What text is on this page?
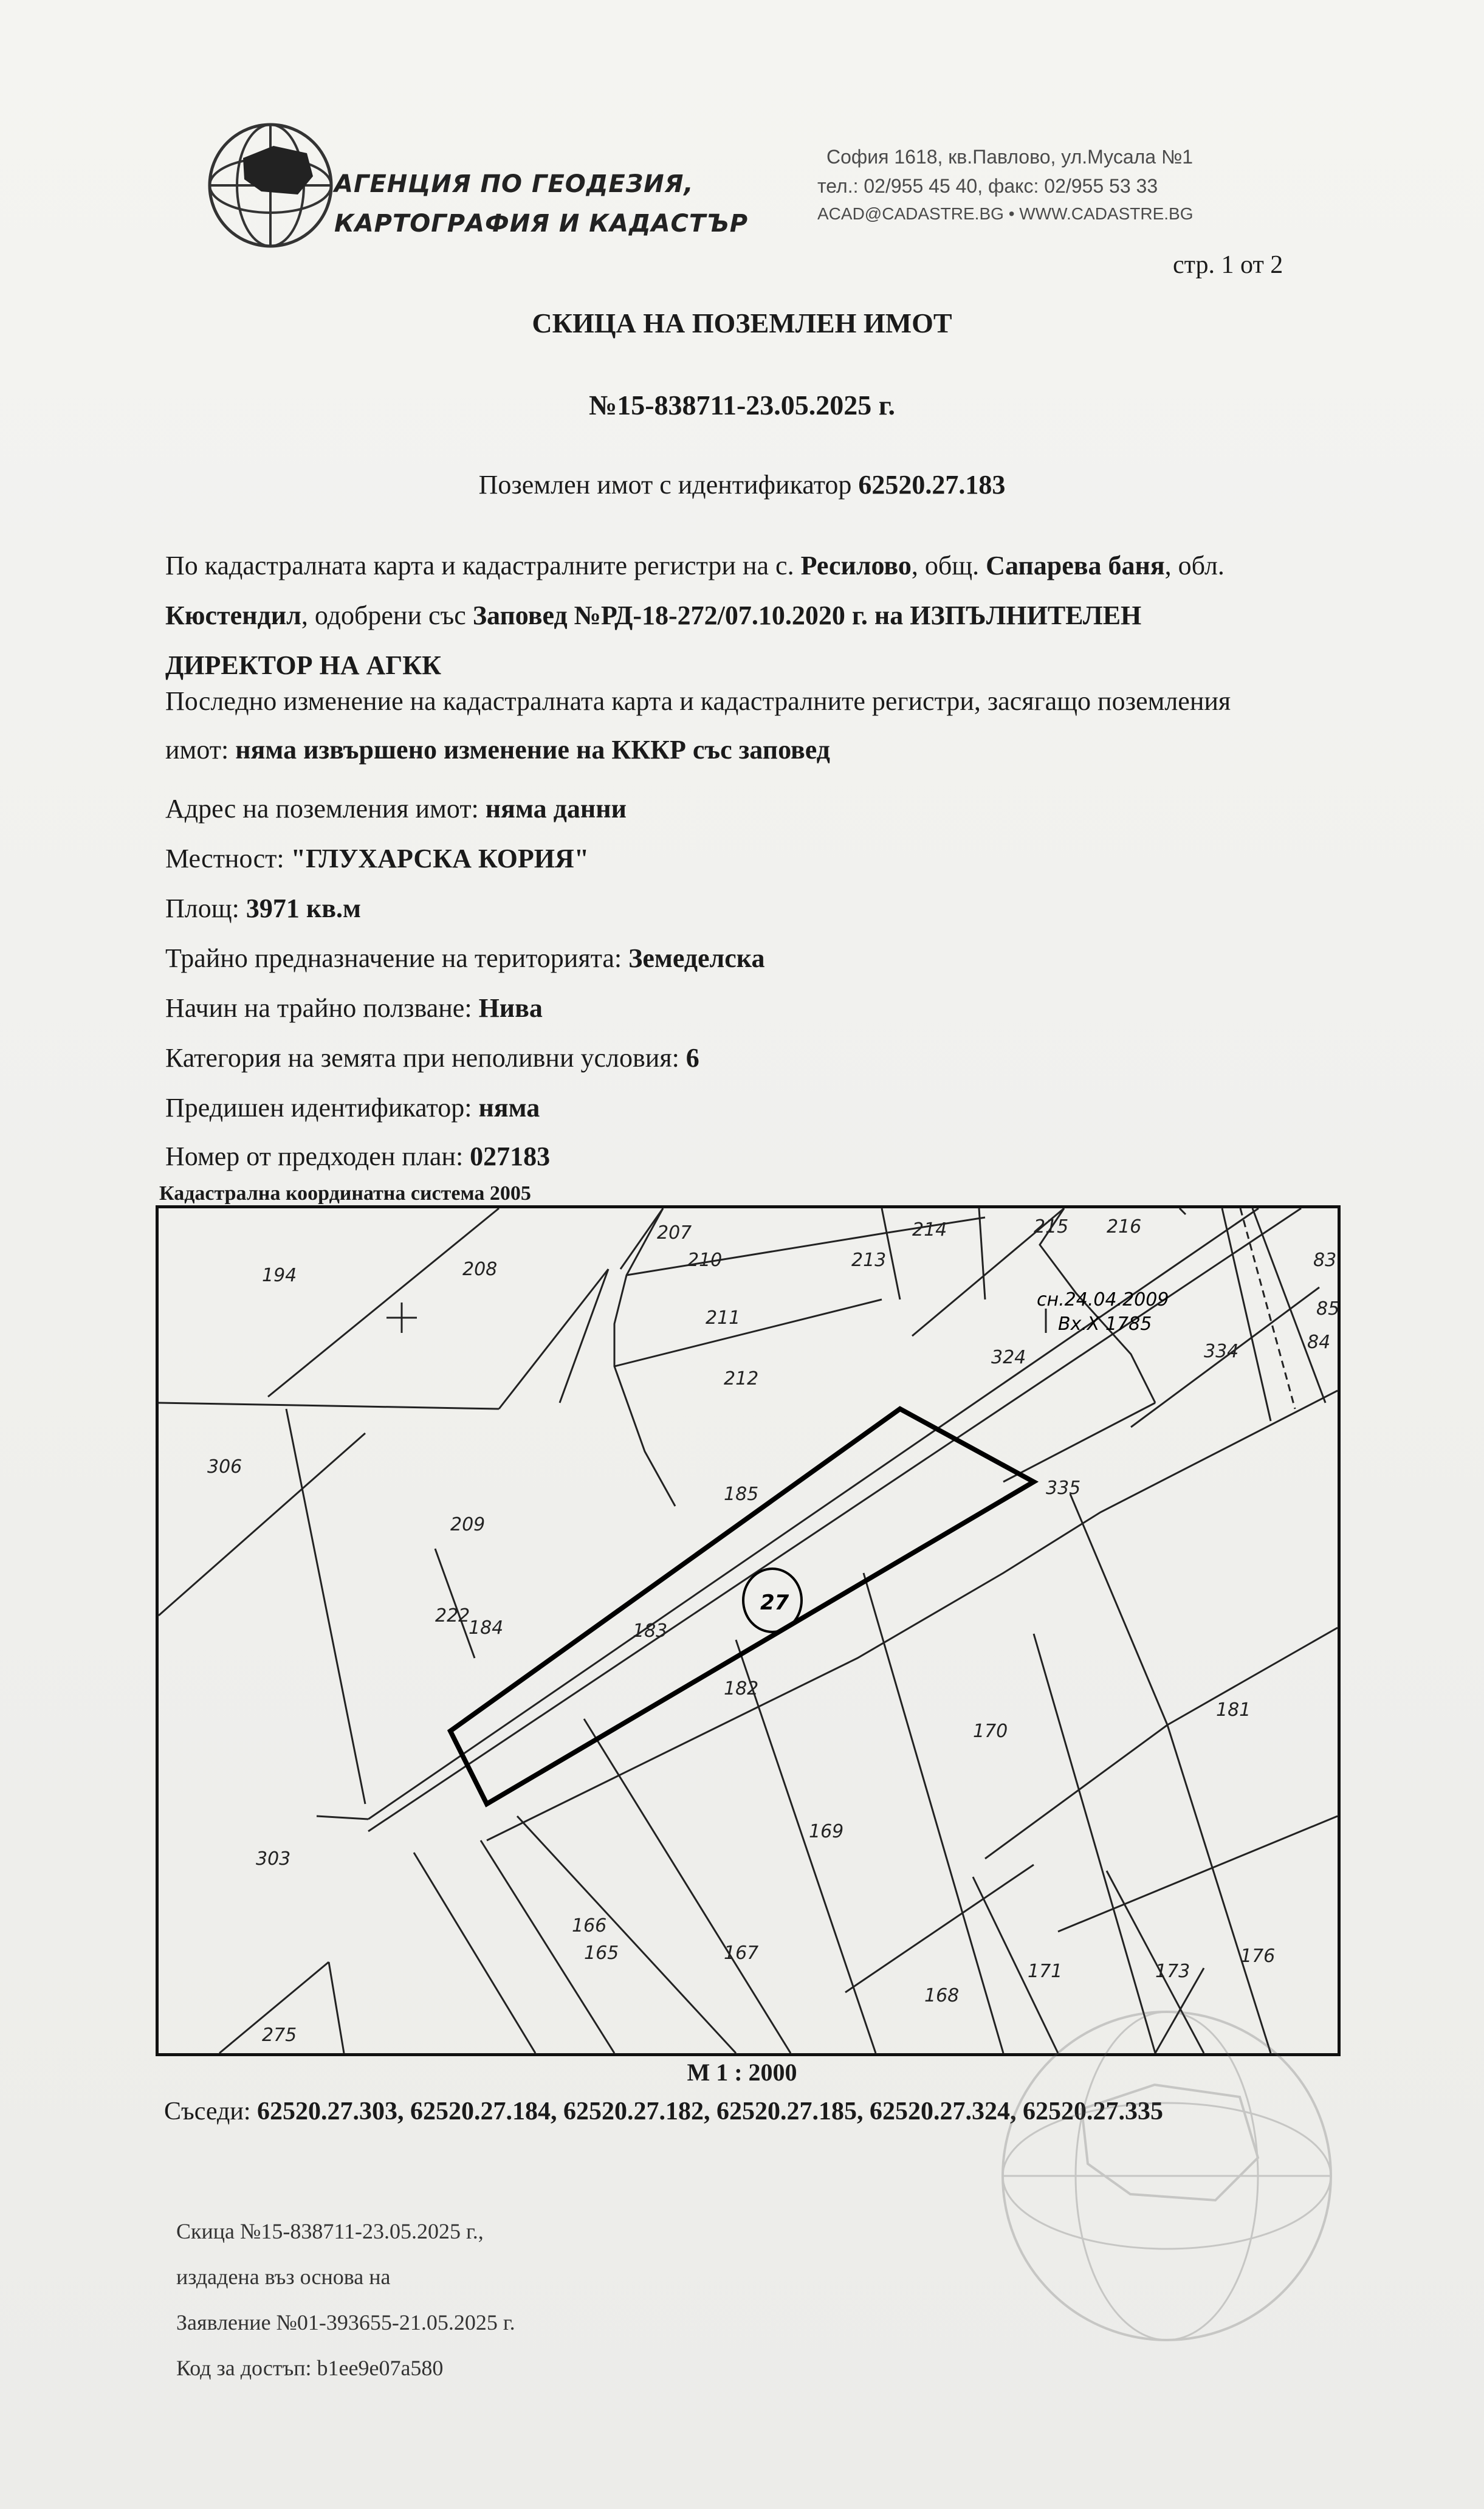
АГЕНЦИЯ ПО ГЕОДЕЗИЯ,
КАРТОГРАФИЯ И КАДАСТЪР
София 1618, кв.Павлово, ул.Мусала №1
тел.: 02/955 45 40, факс: 02/955 53 33
ACAD@CADASTRE.BG • WWW.CADASTRE.BG
стр. 1 от 2
СКИЦА НА ПОЗЕМЛЕН ИМОТ
№15-838711-23.05.2025 г.
Поземлен имот с идентификатор 62520.27.183
По кадастралната карта и кадастралните регистри на с. Ресилово, общ. Сапарева баня, обл.
Кюстендил, одобрени със Заповед №РД-18-272/07.10.2020 г. на ИЗПЪЛНИТЕЛЕН
ДИРЕКТОР НА АГКК
Последно изменение на кадастралната карта и кадастралните регистри, засягащо поземления
имот: няма извършено изменение на КККР със заповед
Адрес на поземления имот: няма данни
Местност: "ГЛУХАРСКА КОРИЯ"
Площ: 3971 кв.м
Трайно предназначение на територията: Земеделска
Начин на трайно ползване: Нива
Категория на земята при неполивни условия: 6
Предишен идентификатор: няма
Номер от предходен план: 027183
Кадастрална координатна система 2005
27
сн.24.04.2009
Вх.Х 1785
194	208
207
210	213
214	215 216
83
85
84
211
212
324	334
306
209
185	335
222
184	183
182
170
181
169
303
166
165	167
168
171	173
176
275
М 1 : 2000
Съседи: 62520.27.303, 62520.27.184, 62520.27.182, 62520.27.185, 62520.27.324, 62520.27.335
Скица №15-838711-23.05.2025 г.,
издадена въз основа на
Заявление №01-393655-21.05.2025 г.
Код за достъп: b1ee9e07a580
